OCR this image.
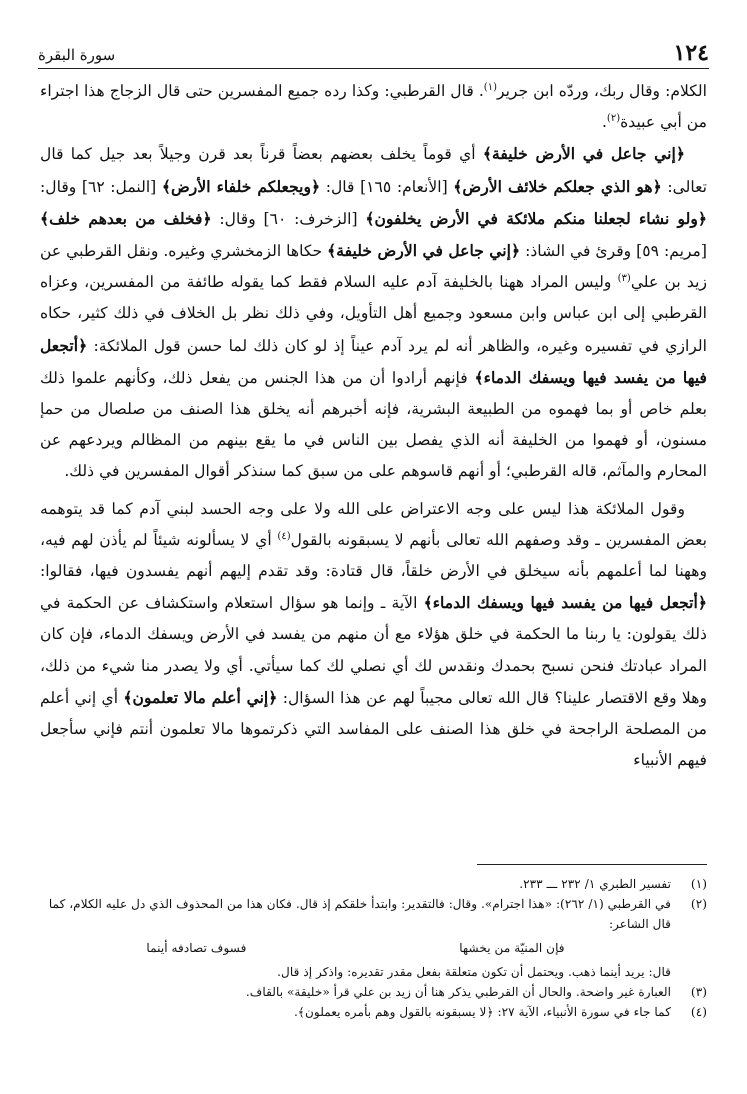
١٢٤
سورة البقرة

الكلام: وقال ربك، وردّه ابن جرير$^{(١)}$. قال القرطبي: وكذا رده جميع المفسرين حتى قال الزجاج هذا اجتراء من أبي عبيدة$^{(٢)}$.

﴿إني جاعل في الأرض خليفة﴾ أي قوماً يخلف بعضهم بعضاً قرناً بعد قرن وجيلاً بعد جيل كما قال تعالى: ﴿هو الذي جعلكم خلائف الأرض﴾ [الأنعام: ١٦٥] قال: ﴿ويجعلكم خلفاء الأرض﴾ [النمل: ٦٢] وقال: ﴿ولو نشاء لجعلنا منكم ملائكة في الأرض يخلفون﴾ [الزخرف: ٦٠] وقال: ﴿فخلف من بعدهم خلف﴾ [مريم: ٥٩] وقرئ في الشاذ: ﴿إني جاعل في الأرض خليفة﴾ حكاها الزمخشري وغيره. ونقل القرطبي عن زيد بن علي$^{(٣)}$ وليس المراد ههنا بالخليفة آدم عليه السلام فقط كما يقوله طائفة من المفسرين، وعزاه القرطبي إلى ابن عباس وابن مسعود وجميع أهل التأويل، وفي ذلك نظر بل الخلاف في ذلك كثير، حكاه الرازي في تفسيره وغيره، والظاهر أنه لم يرد آدم عيناً إذ لو كان ذلك لما حسن قول الملائكة: ﴿أتجعل فيها من يفسد فيها ويسفك الدماء﴾ فإنهم أرادوا أن من هذا الجنس من يفعل ذلك، وكأنهم علموا ذلك بعلم خاص أو بما فهموه من الطبيعة البشرية، فإنه أخبرهم أنه يخلق هذا الصنف من صلصال من حمإ مسنون، أو فهموا من الخليفة أنه الذي يفصل بين الناس في ما يقع بينهم من المظالم ويردعهم عن المحارم والمآثم، قاله القرطبي؛ أو أنهم قاسوهم على من سبق كما سنذكر أقوال المفسرين في ذلك.

وقول الملائكة هذا ليس على وجه الاعتراض على الله ولا على وجه الحسد لبني آدم كما قد يتوهمه بعض المفسرين ـ وقد وصفهم الله تعالى بأنهم لا يسبقونه بالقول$^{(٤)}$ أي لا يسألونه شيئاً لم يأذن لهم فيه، وههنا لما أعلمهم بأنه سيخلق في الأرض خلقاً، قال قتادة: وقد تقدم إليهم أنهم يفسدون فيها، فقالوا: ﴿أتجعل فيها من يفسد فيها ويسفك الدماء﴾ الآية ـ وإنما هو سؤال استعلام واستكشاف عن الحكمة في ذلك يقولون: يا ربنا ما الحكمة في خلق هؤلاء مع أن منهم من يفسد في الأرض ويسفك الدماء، فإن كان المراد عبادتك فنحن نسبح بحمدك ونقدس لك أي نصلي لك كما سيأتي. أي ولا يصدر منا شيء من ذلك، وهلا وقع الاقتصار علينا؟ قال الله تعالى مجيباً لهم عن هذا السؤال: ﴿إني أعلم مالا تعلمون﴾ أي إني أعلم من المصلحة الراجحة في خلق هذا الصنف على المفاسد التي ذكرتموها مالا تعلمون أنتم فإني سأجعل فيهم الأنبياء

(١)
تفسير الطبري ١/ ٢٣٢ ـــ ٢٣٣.
(٢)
في القرطبي (١/ ٢٦٢): «هذا اجترام». وقال: فالتقدير: وابتدأ خلقكم إذ قال. فكان هذا من المحذوف الذي دل عليه الكلام، كما قال الشاعر:
فإن المنيّة من يخشها
فسوف تصادفه أينما
قال: يريد أينما ذهب. ويحتمل أن تكون متعلقة بفعل مقدر تقديره: واذكر إذ قال.
(٣)
العبارة غير واضحة. والحال أن القرطبي يذكر هنا أن زيد بن علي قرأ «خليقة» بالقاف.
(٤)
كما جاء في سورة الأنبياء، الآية ٢٧: ﴿لا يسبقونه بالقول وهم بأمره يعملون﴾.
